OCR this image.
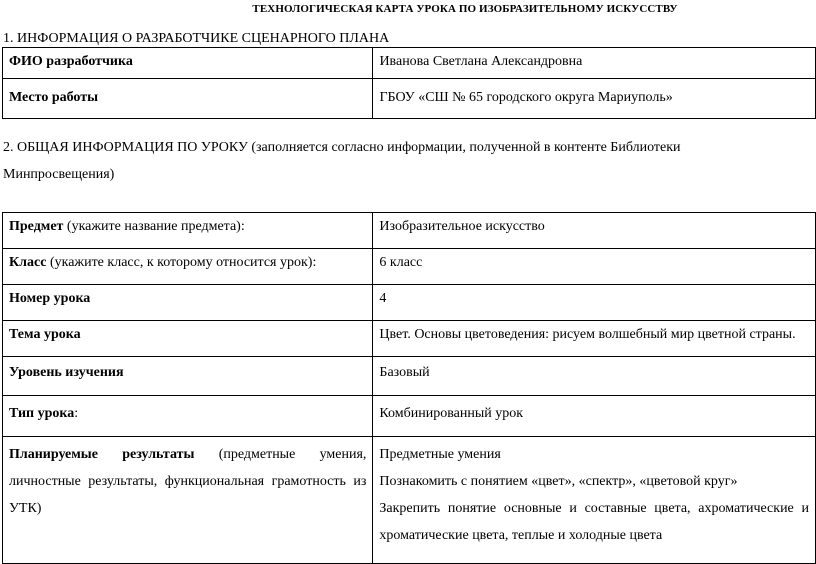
ТЕХНОЛОГИЧЕСКАЯ КАРТА УРОКА ПО ИЗОБРАЗИТЕЛЬНОМУ ИСКУССТВУ
1. ИНФОРМАЦИЯ О РАЗРАБОТЧИКЕ СЦЕНАРНОГО ПЛАНА
ФИО разработчика	Иванова Светлана Александровна
Место работы	ГБОУ «СШ № 65 городского округа Мариуполь»
2. ОБЩАЯ ИНФОРМАЦИЯ ПО УРОКУ (заполняется согласно информации, полученной в контенте Библиотеки Минпросвещения)
Предмет (укажите название предмета):	Изобразительное искусство
Класс (укажите класс, к которому относится урок):	6 класс
Номер урока	4
Тема урока	Цвет. Основы цветоведения: рисуем волшебный мир цветной страны.
Уровень изучения	Базовый
Тип урока:	Комбинированный урок
Планируемые результаты (предметные умения, личностные результаты, функциональная грамотность из УТК)	Предметные умения
Познакомить с понятием «цвет», «спектр», «цветовой круг»
Закрепить понятие основные и составные цвета, ахроматические и хроматические цвета, теплые и холодные цвета
